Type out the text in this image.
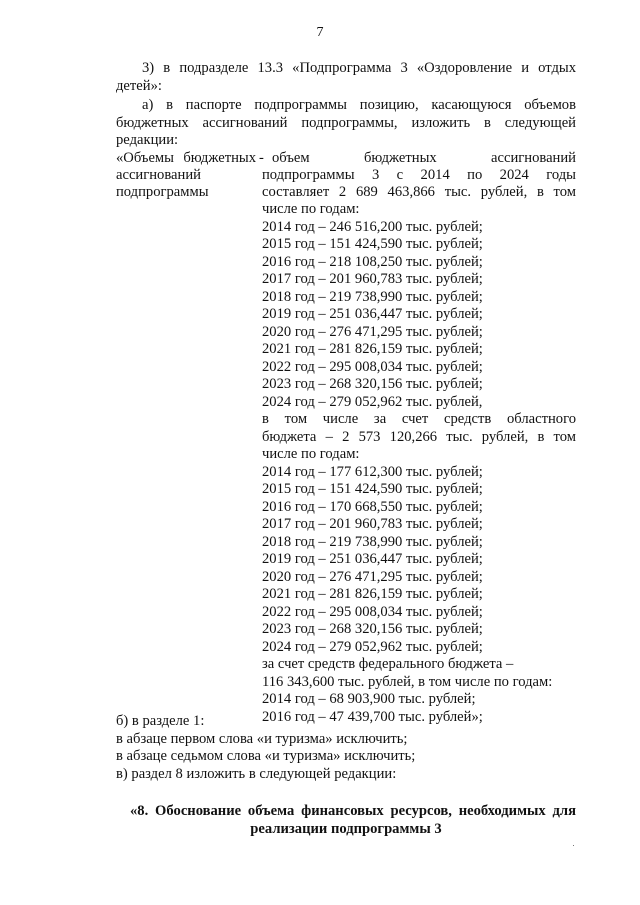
7
3) в подразделе 13.3 «Подпрограмма 3 «Оздоровление и отдых
детей»:
а) в паспорте подпрограммы позицию, касающуюся объемов
бюджетных ассигнований подпрограммы, изложить в следующей
редакции:
«Объемы бюджетных - объем бюджетных ассигнований
ассигнований	подпрограммы 3 с 2014 по 2024 годы
подпрограммы	составляет 2 689 463,866 тыс. рублей, в том
числе по годам:
2014 год – 246 516,200 тыс. рублей;
2015 год – 151 424,590 тыс. рублей;
2016 год – 218 108,250 тыс. рублей;
2017 год – 201 960,783 тыс. рублей;
2018 год – 219 738,990 тыс. рублей;
2019 год – 251 036,447 тыс. рублей;
2020 год – 276 471,295 тыс. рублей;
2021 год – 281 826,159 тыс. рублей;
2022 год – 295 008,034 тыс. рублей;
2023 год – 268 320,156 тыс. рублей;
2024 год – 279 052,962 тыс. рублей,
в том числе за счет средств областного
бюджета – 2 573 120,266 тыс. рублей, в том
числе по годам:
2014 год – 177 612,300 тыс. рублей;
2015 год – 151 424,590 тыс. рублей;
2016 год – 170 668,550 тыс. рублей;
2017 год – 201 960,783 тыс. рублей;
2018 год – 219 738,990 тыс. рублей;
2019 год – 251 036,447 тыс. рублей;
2020 год – 276 471,295 тыс. рублей;
2021 год – 281 826,159 тыс. рублей;
2022 год – 295 008,034 тыс. рублей;
2023 год – 268 320,156 тыс. рублей;
2024 год – 279 052,962 тыс. рублей;
за счет средств федерального бюджета –
116 343,600 тыс. рублей, в том числе по годам:
2014 год – 68 903,900 тыс. рублей;
2016 год – 47 439,700 тыс. рублей»;
б) в разделе 1:
в абзаце первом слова «и туризма» исключить;
в абзаце седьмом слова «и туризма» исключить;
в) раздел 8 изложить в следующей редакции:
«8. Обоснование объема финансовых ресурсов, необходимых для
реализации подпрограммы 3
